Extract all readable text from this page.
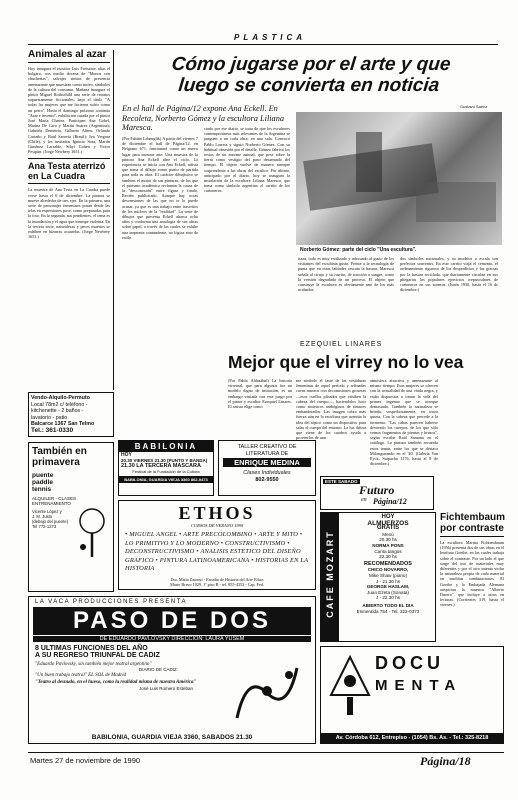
PLASTICA
Animales al azar
Hoy inaugura el escultor Luis Freisztav, alias el bolgaro, con medio docena de "Monos con chucherias", salvajes simios de presencia amenazante que muestran como trofeo, símbolos de la cultura del consumo. Mañana inaugura el pintor Miguel Rothschild una serie de retratos supuestamente ficcionales, bajo el título "A todas las mujeres que me hicieron sufrir como un perro". Hasta el domingo próximo continúa "Azar e invento", exhibición curada por el pintor José María Chavez. Participan Ana Gobel, Marina De Caro y Martín Suárez (Argentina); Gabriela Demetrio, Gilberto Abreu, Orlando Castaño y Raul Saravia (Brasil); Ivo Vergara (Chile), y los invitados Ignacio Sosa, Martín Giménez Larralde, Sibyl Cohen y Victor Pesquin. (Jorge Newbery 1651.)
Ana Testa aterrizó en La Cuadra
La muestra de Ana Testa en La Cuadra puede verse hasta el 6 de diciembre. La pintora se mueve alrededor de tres ejes. En la primera, una serie de personajes femeninos posan desde las telas en expresiones pose, como preparadas para la foto. En la segunda, sus pendientes, el tema es la inundación y el agua que irrumpe violenta. En la tercera serie, naturalezas y peces muertos se exhiben en bizarras acuarelas. (Jorge Newbery 1651.)
Cómo jugarse por el arte y que
luego se convierta en noticia
En el hall de Página/12 expone Ana Eckell. En Recoleta, Norberto Gómez y la escultora Liliana Maresca.
Gustavo Saenz
Norberto Gómez: parte del ciclo "Una escultura".
(Por Fabián Lebenglik) A partir del viernes 7 de diciembre el hall de Página/12, en Belgrano 671, funcionará como un nuevo lugar para mostrar arte. Una muestra de la pintora Ana Eckell abre el ciclo. La experiencia se inicia con Ana Eckell, artista que toma al dibujo como punto de partida para toda su obra. El carácter dibujístico se tambien el motor de sus pinturas, de las que el purismo académico reclaman la causa de la "desconexión" entre figura y fondo. Recién publicitado. Aunque hay ocras descensiones de las que no te lo puede acusar, ya que es una trabajo entre trascritos de los núcleos de la "realidad". La serie de dibujos que presenta Eckell abarca ocho años y conforma una antología de sus obras sobre papel, a través de las cuales se exhibe una impronta contundente, no lógica sino de estilo.
ciado por ese diario, se trata de que los escultores contemporáneos más relevantes de la Argentina se junguen a un cada obra, en una sala. Convocó Pablo Larreta y siguió Norberto Gómez. Con su habitual obsesión por el detalle, Gómez fabricó los restos de un enorme animal, que pese sobre la tierra como vestigio del paso desarmado del tiempo. El objeto vuelve de manera siempre sorprendente a las obras del escultor. Por último, anticipado por el diario, hoy se inaugura la instalación de la escultora Liliana Maresca, que toma como símbolo argentino el carrito de los cartoneros.
traza, todo es muy estilizado y adecuado al gusto de los visitantes del escultista gusto. Frente a la tecnología de punta que en otras latitudes rescata la basura, Maresca señala al cirujo y su carrito, de tracción a sangre, como la versión degradada de un proceso. El objeto que construye la escultora es obviamente uno de los más acabados.
dos símbolos nacionales, y su modelos o escala son perfectos souvenirs. En este carrito viaja el cemento, el ordenamiento riguroso de los desperdicios y las gracias por la basura reciclada, que diariamente circulan en sus pliegarias los populares ejercicios crepusculares de cartoneros en sus sonetos. (Junín 1930, hasta el 16 de diciembre.)
EZEQUIEL LINARES
Mejor que el virrey no lo vea
(Por Pablo Aldazábal) La historia virreinal, que para algunos fue un modelo digno de imitación, es un embargo visitada con este juego por el pintor y escultor Ezequiel Linares. El artista elige como
me símbolo el faste de las vestiduras femeninas de aquel período y refinadas cavas museos con decomisiones groseras —esos cuellos plisados que exhiben la cabeza del cuerpo—, baciendolos lucir como siniestros andróginos de rimaces embanderados. Las imagen cobra más fuerza aún en la escultura que acentúa la idea del tópico como un dispositivo para salas el cuerpo del entorno. La luz difusa que viene de los cuadros ayuda a proveerlos de una
atmósfera atractiva y amenazante al mismo tiempo. Esas mujeres se ofrecen con la sexualidad de una viuda negra, y están dispuestas a tomar la vida del primer ingenuo que se acerque demasiado. También la naturaleza se brinda, sospechosamente, en trozo quieta. Con la cabeza que precede a la tormenta. "Las cabas parecen haberse devorado los cuerpos, de los que sólo vemos fragmentos de piernas y brazos", según escribe Raúl Santana en el catálogo. La pintura también recuerda estos temas, entre los que se destaca Milongueando en el '40. (Galería Van Eyck, Suipacha 1176, hasta el 8 de diciembre.)
Fichtembaum
por contraste
La escultora Marina Fichtembaum (1956) presenta dos de sus obras en el Instituto Goethe, en las cuales trabaja sobre el contraste. Por un lado el que surge del uso de materiales muy diferentes y por el otro intenta violar la naturaleza propia de cada material en insólitas combinaciones. El Goethe y la Embajada Alemana auspician la muestra "Alberto Durero", que incluye a otros en lecturas. (Corrientes 319, hasta el viernes.)
Vendo-Alquilo-Permuto
Local 78m2 c/ teléfono -
kitchenette - 2 baños -
lavatorio - patio
Balcarce 1367 San Telmo
Tel.: 361-0330
BABILONIA
HOY
20.30 VIERNES 21.30 (PUNTO Y BANDA)
21.30 LA TERCERA MASCARA
Festival de la Fundación de la Cultura
BABILONIA, GUARDIA VIEJA 3360 862-0473
También en
primavera
puente
paddle
tennis
ALQUILER - CLASES
ENTRENAMIENTO
Vicente López y
J. M. Justo
(debajo del puente)
Tel 772-1273
TALLER CREATIVO DE
LITERATURA DE
ENRIQUE MEDINA
Clases Individuales
802-9550	ESTE SABADO
Futuro
en Página/12
ETHOS
CURSOS DE VERANO 1990
• MIGUEL ANGEL • ARTE PRECOLOMBINO • ARTE Y MITO • LO PRIMITIVO Y LO MODERNO • CONSTRUCTIVISMO • DECONSTRUCTIVISMO • ANALISIS ESTETICO DEL DISEÑO GRAFICO • PINTURA LATINOAMERICANA • HISTORIAS EN LA HISTORIA
Dra. Matta Zatonyi - Estudio de Historia del Arte Ethos
Mario Bravo 1029, 1º piso B - tel. 855-4353 - Cap. Fed.	CAFE MOZART
HOY
ALMUERZOS
GRATIS
Menú
20.30 hs
NORMA PONS
Canta tangos
22.30 hs
RECOMENDADOS
CHICO NOVARRO,
Mike Shaw (piano)
J - 21.30 hs
GEORGE HASLAM,
Juan Ezeta (Sonata)
J - 22.30 hs
ABIERTO TODO EL DIA
Esmeralda 754 - Tel. 322-0373
LA VACA PRODUCCIONES PRESENTA
PASO DE DOS
DE EDUARDO PAVLOVSKY DIRECCION: LAURA YUSEM
8 ULTIMAS FUNCIONES DEL AÑO
A SU REGRESO TRIUNFAL DE CADIZ
"Eduardo Pavlovsky, sin también mejor teatral argentino"
DIARIO DE CADIZ
"Un buen trabajo teatral" EL SOL de Madrid
"Teatro al desnudo, en el hueso, como la realidad misma de nuestra América"
José Luis Romero Esteban
BABILONIA, GUARDIA VIEJA 3360, SABADOS 21.30
DOCU
MENTA
Av. Córdoba 612, Entrepiso - (1054) Bs. As. - Tel.: 325-8218
Martes 27 de noviembre de 1990	Página/18
